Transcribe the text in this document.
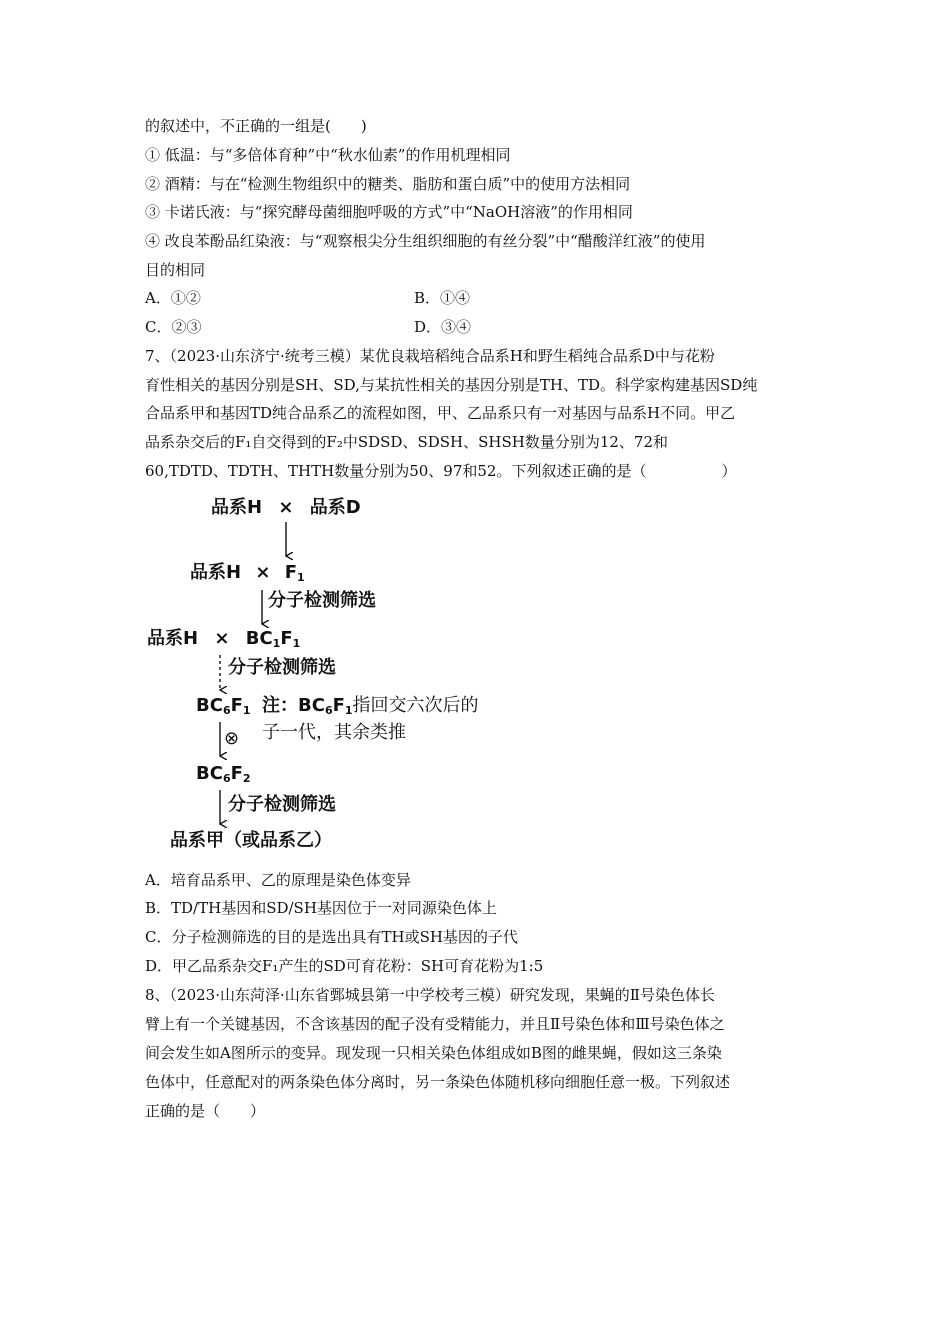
的叙述中，不正确的一组是(　　)
① 低温：与“多倍体育种”中“秋水仙素”的作用机理相同
② 酒精：与在“检测生物组织中的糖类、脂肪和蛋白质”中的使用方法相同
③ 卡诺氏液：与“探究酵母菌细胞呼吸的方式”中“NaOH溶液”的作用相同
④ 改良苯酚品红染液：与“观察根尖分生组织细胞的有丝分裂”中“醋酸洋红液”的使用
目的相同
A．①②	B．①④
C．②③	D．③④
7、（2023·山东济宁·统考三模）某优良栽培稻纯合品系H和野生稻纯合品系D中与花粉
育性相关的基因分别是SH、SD,与某抗性相关的基因分别是TH、TD。科学家构建基因SD纯
合品系甲和基因TD纯合品系乙的流程如图，甲、乙品系只有一对基因与品系H不同。甲乙
品系杂交后的F₁自交得到的F₂中SDSD、SDSH、SHSH数量分别为12、72和
60,TDTD、TDTH、THTH数量分别为50、97和52。下列叙述正确的是（　　　　　）
品系H × 品系D
品系$H \times F_1$
分子检测筛选
品系$H \times BC_1F_1$
分子检测筛选
$BC_6F_1$ 注：$BC_6F_1$指回交六次后的
子一代，其余类推
⊗
$BC_6F_2$
分子检测筛选
品系甲（或品系乙）
A．培育品系甲、乙的原理是染色体变异
B．TD/TH基因和SD/SH基因位于一对同源染色体上
C．分子检测筛选的目的是选出具有TH或SH基因的子代
D．甲乙品系杂交F₁产生的SD可育花粉：SH可育花粉为1:5
8、（2023·山东菏泽·山东省鄄城县第一中学校考三模）研究发现，果蝇的Ⅱ号染色体长
臂上有一个关键基因，不含该基因的配子没有受精能力，并且Ⅱ号染色体和Ⅲ号染色体之
间会发生如A图所示的变异。现发现一只相关染色体组成如B图的雌果蝇，假如这三条染
色体中，任意配对的两条染色体分离时，另一条染色体随机移向细胞任意一极。下列叙述
正确的是（　　）
